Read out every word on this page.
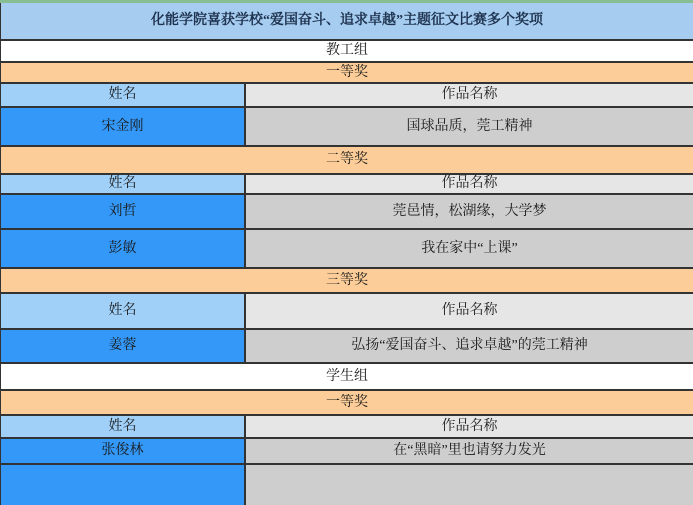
化能学院喜获学校“爱国奋斗、追求卓越”主题征文比赛多个奖项
教工组
一等奖
姓名	作品名称
宋金刚	国球品质，莞工精神
二等奖
姓名	作品名称
刘哲	莞邑情，松湖缘，大学梦
彭敏	我在家中“上课”
三等奖
姓名	作品名称
姜蓉	弘扬“爱国奋斗、追求卓越”的莞工精神
学生组
一等奖
姓名	作品名称
张俊林	在“黑暗”里也请努力发光
